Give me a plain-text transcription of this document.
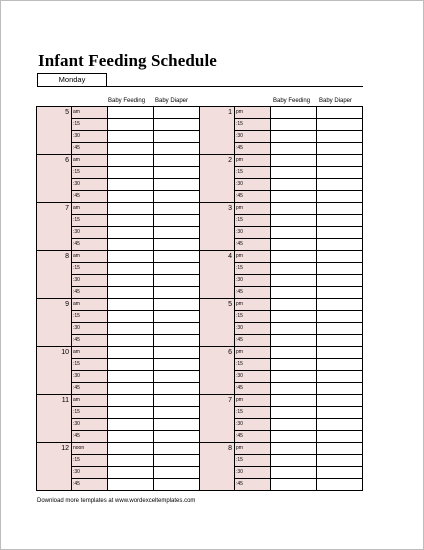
Infant Feeding Schedule
Monday
Baby Feeding Baby Diaper	Baby Feeding Baby Diaper
5 am
:15
:30
:45
6 am
:15
:30
:45
7 am
:15
:30
:45
8 am
:15
:30
:45
9 am
:15
:30
:45
10 am
:15
:30
:45
11 am
:15
:30
:45
12 noon
:15
:30
:45
1 pm
:15
:30
:45
2 pm
:15
:30
:45
3 pm
:15
:30
:45
4 pm
:15
:30
:45
5 pm
:15
:30
:45
6 pm
:15
:30
:45
7 pm
:15
:30
:45
8 pm
:15
:30
:45
Download more templates at www.wordexceltemplates.com
